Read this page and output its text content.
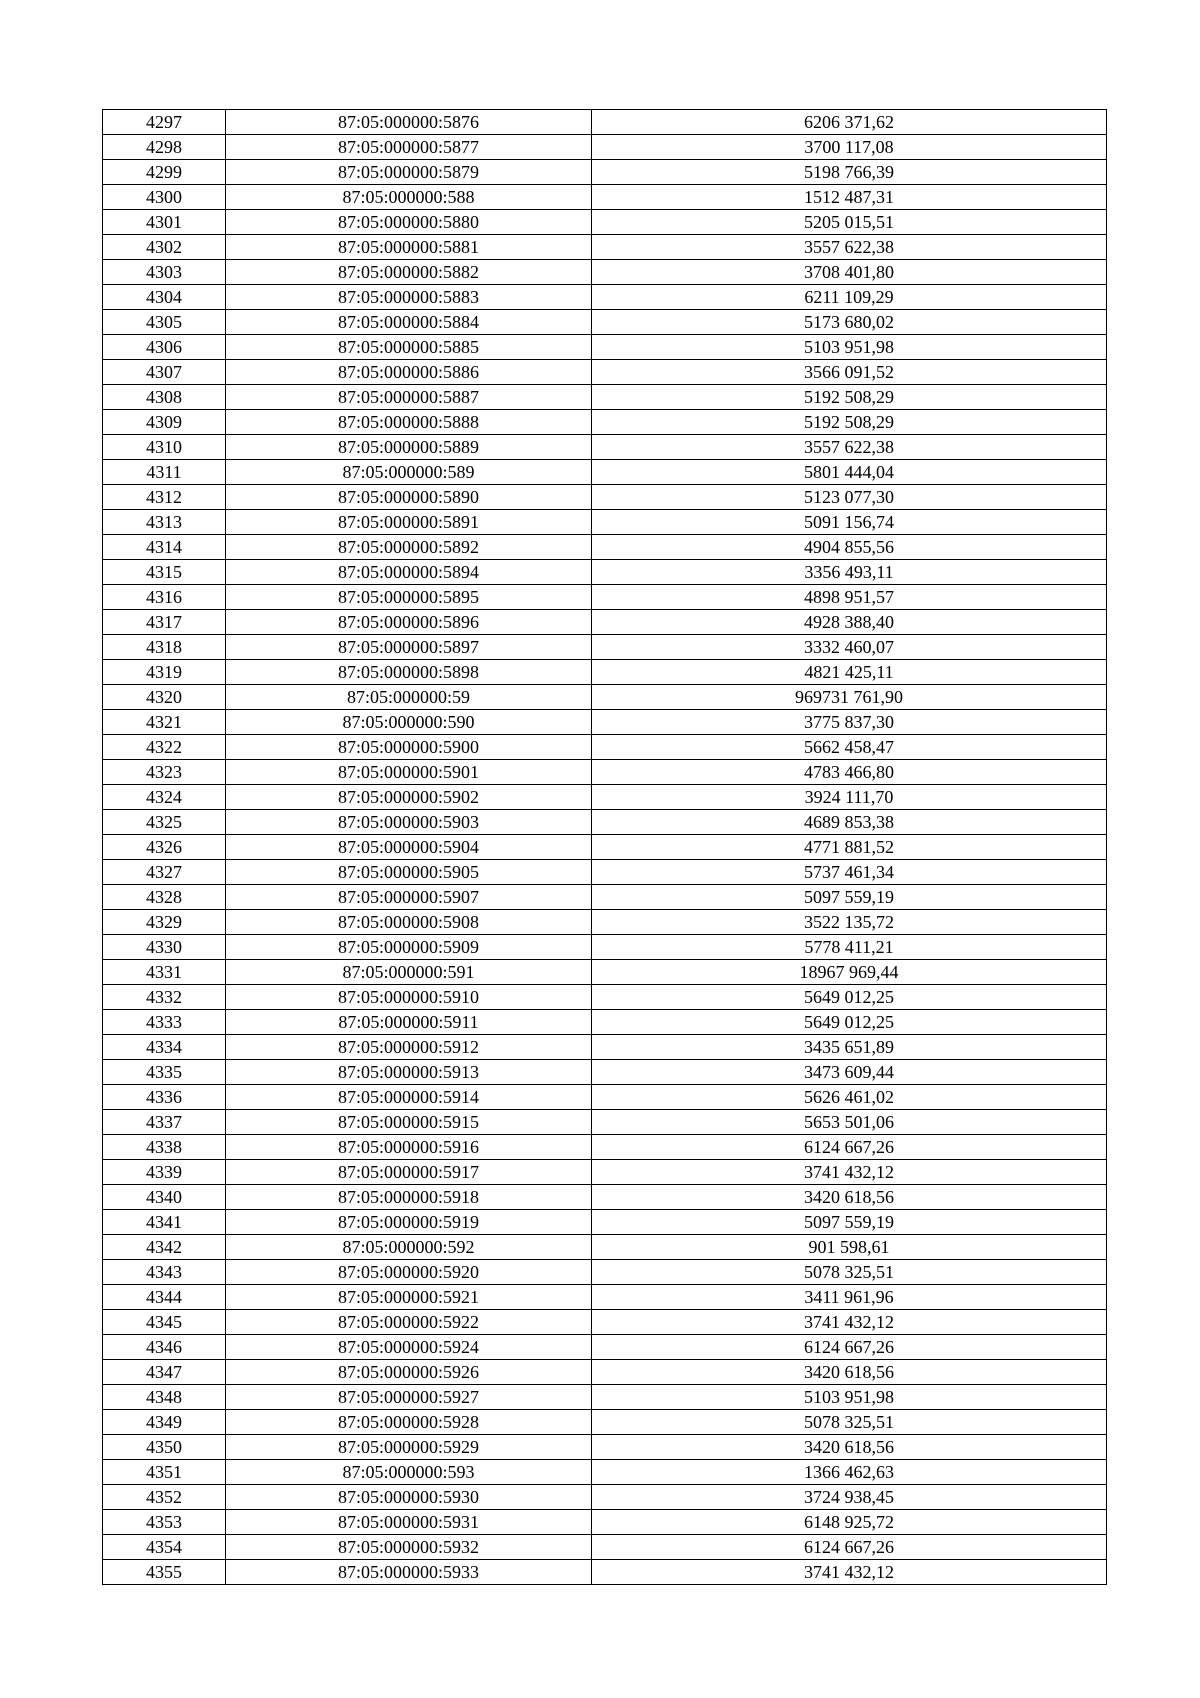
4297	87:05:000000:5876	6206 371,62
4298	87:05:000000:5877	3700 117,08
4299	87:05:000000:5879	5198 766,39
4300	87:05:000000:588	1512 487,31
4301	87:05:000000:5880	5205 015,51
4302	87:05:000000:5881	3557 622,38
4303	87:05:000000:5882	3708 401,80
4304	87:05:000000:5883	6211 109,29
4305	87:05:000000:5884	5173 680,02
4306	87:05:000000:5885	5103 951,98
4307	87:05:000000:5886	3566 091,52
4308	87:05:000000:5887	5192 508,29
4309	87:05:000000:5888	5192 508,29
4310	87:05:000000:5889	3557 622,38
4311	87:05:000000:589	5801 444,04
4312	87:05:000000:5890	5123 077,30
4313	87:05:000000:5891	5091 156,74
4314	87:05:000000:5892	4904 855,56
4315	87:05:000000:5894	3356 493,11
4316	87:05:000000:5895	4898 951,57
4317	87:05:000000:5896	4928 388,40
4318	87:05:000000:5897	3332 460,07
4319	87:05:000000:5898	4821 425,11
4320	87:05:000000:59	969731 761,90
4321	87:05:000000:590	3775 837,30
4322	87:05:000000:5900	5662 458,47
4323	87:05:000000:5901	4783 466,80
4324	87:05:000000:5902	3924 111,70
4325	87:05:000000:5903	4689 853,38
4326	87:05:000000:5904	4771 881,52
4327	87:05:000000:5905	5737 461,34
4328	87:05:000000:5907	5097 559,19
4329	87:05:000000:5908	3522 135,72
4330	87:05:000000:5909	5778 411,21
4331	87:05:000000:591	18967 969,44
4332	87:05:000000:5910	5649 012,25
4333	87:05:000000:5911	5649 012,25
4334	87:05:000000:5912	3435 651,89
4335	87:05:000000:5913	3473 609,44
4336	87:05:000000:5914	5626 461,02
4337	87:05:000000:5915	5653 501,06
4338	87:05:000000:5916	6124 667,26
4339	87:05:000000:5917	3741 432,12
4340	87:05:000000:5918	3420 618,56
4341	87:05:000000:5919	5097 559,19
4342	87:05:000000:592	901 598,61
4343	87:05:000000:5920	5078 325,51
4344	87:05:000000:5921	3411 961,96
4345	87:05:000000:5922	3741 432,12
4346	87:05:000000:5924	6124 667,26
4347	87:05:000000:5926	3420 618,56
4348	87:05:000000:5927	5103 951,98
4349	87:05:000000:5928	5078 325,51
4350	87:05:000000:5929	3420 618,56
4351	87:05:000000:593	1366 462,63
4352	87:05:000000:5930	3724 938,45
4353	87:05:000000:5931	6148 925,72
4354	87:05:000000:5932	6124 667,26
4355	87:05:000000:5933	3741 432,12
